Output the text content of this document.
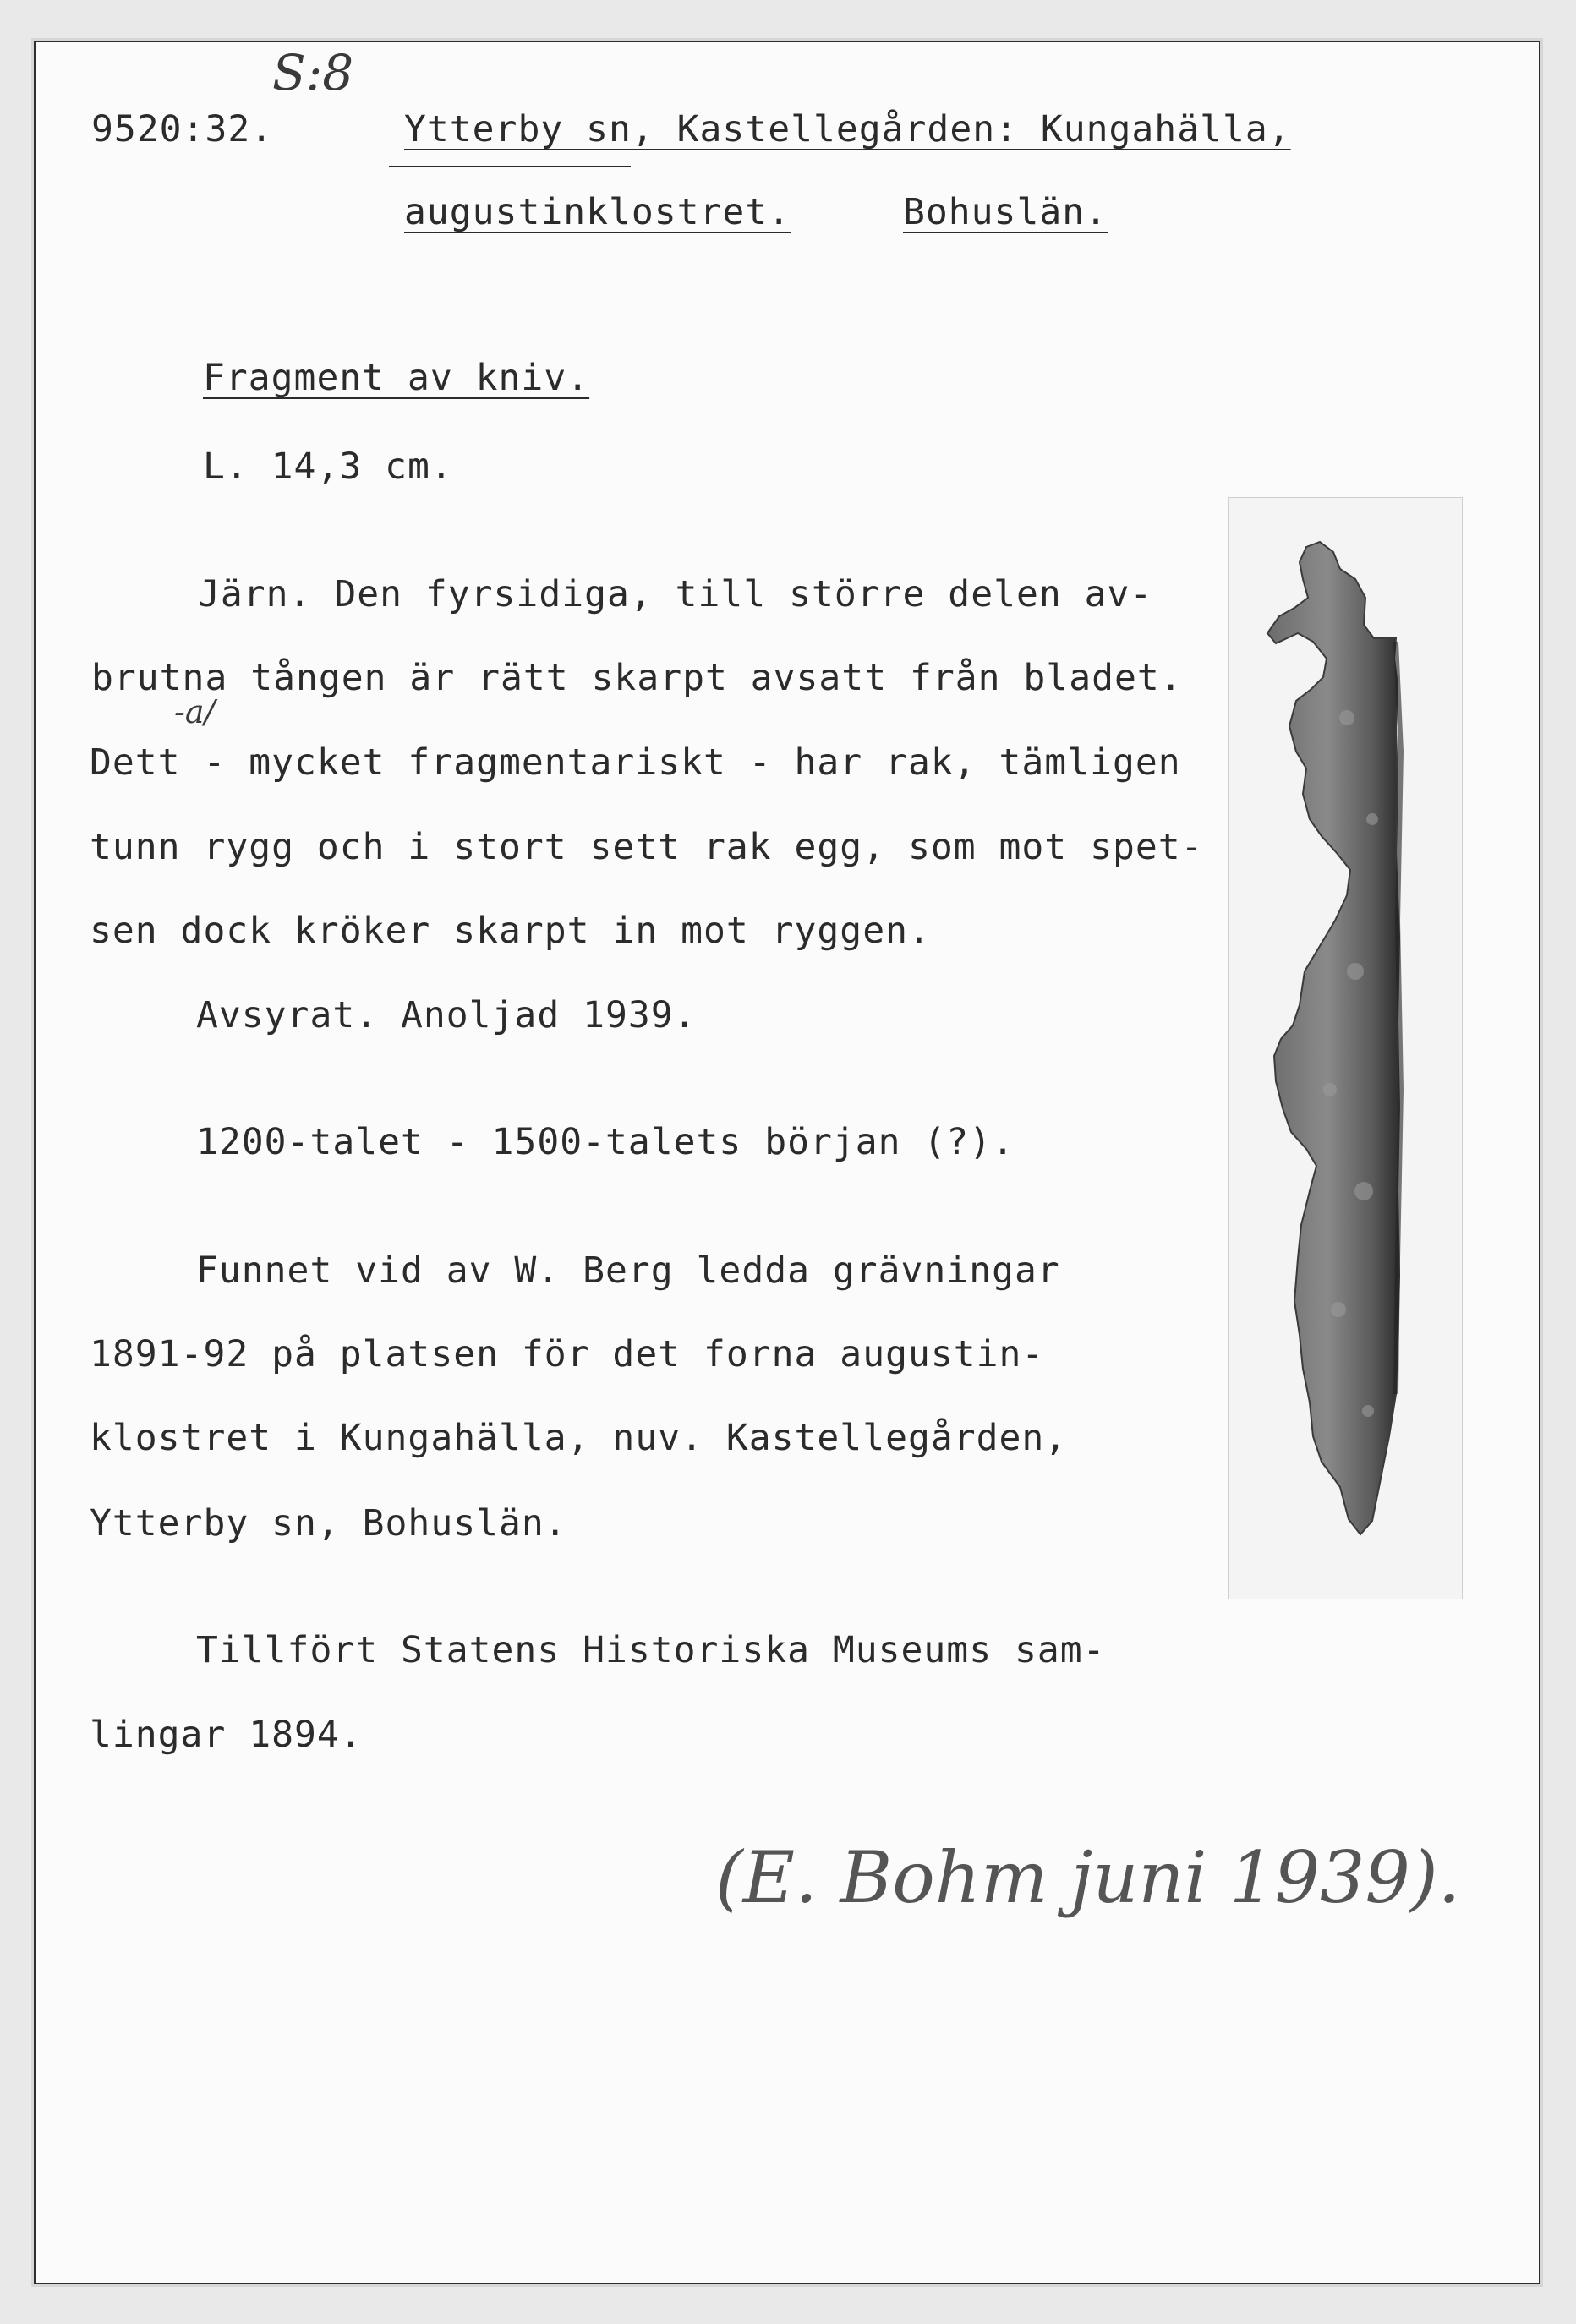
S:8
9520:32.	Ytterby sn, Kastellegården: Kungahälla,
augustinklostret.	Bohuslän.
Fragment av kniv.
L. 14,3 cm.
Järn. Den fyrsidiga, till större delen av-
brutna tången är rätt skarpt avsatt från bladet.
-a/
Dett - mycket fragmentariskt - har rak, tämligen
tunn rygg och i stort sett rak egg, som mot spet-
sen dock kröker skarpt in mot ryggen.
Avsyrat. Anoljad 1939.
1200-talet - 1500-talets början (?).
Funnet vid av W. Berg ledda grävningar
1891-92 på platsen för det forna augustin-
klostret i Kungahälla, nuv. Kastellegården,
Ytterby sn, Bohuslän.
Tillfört Statens Historiska Museums sam-
lingar 1894.
(E. Bohm juni 1939).
